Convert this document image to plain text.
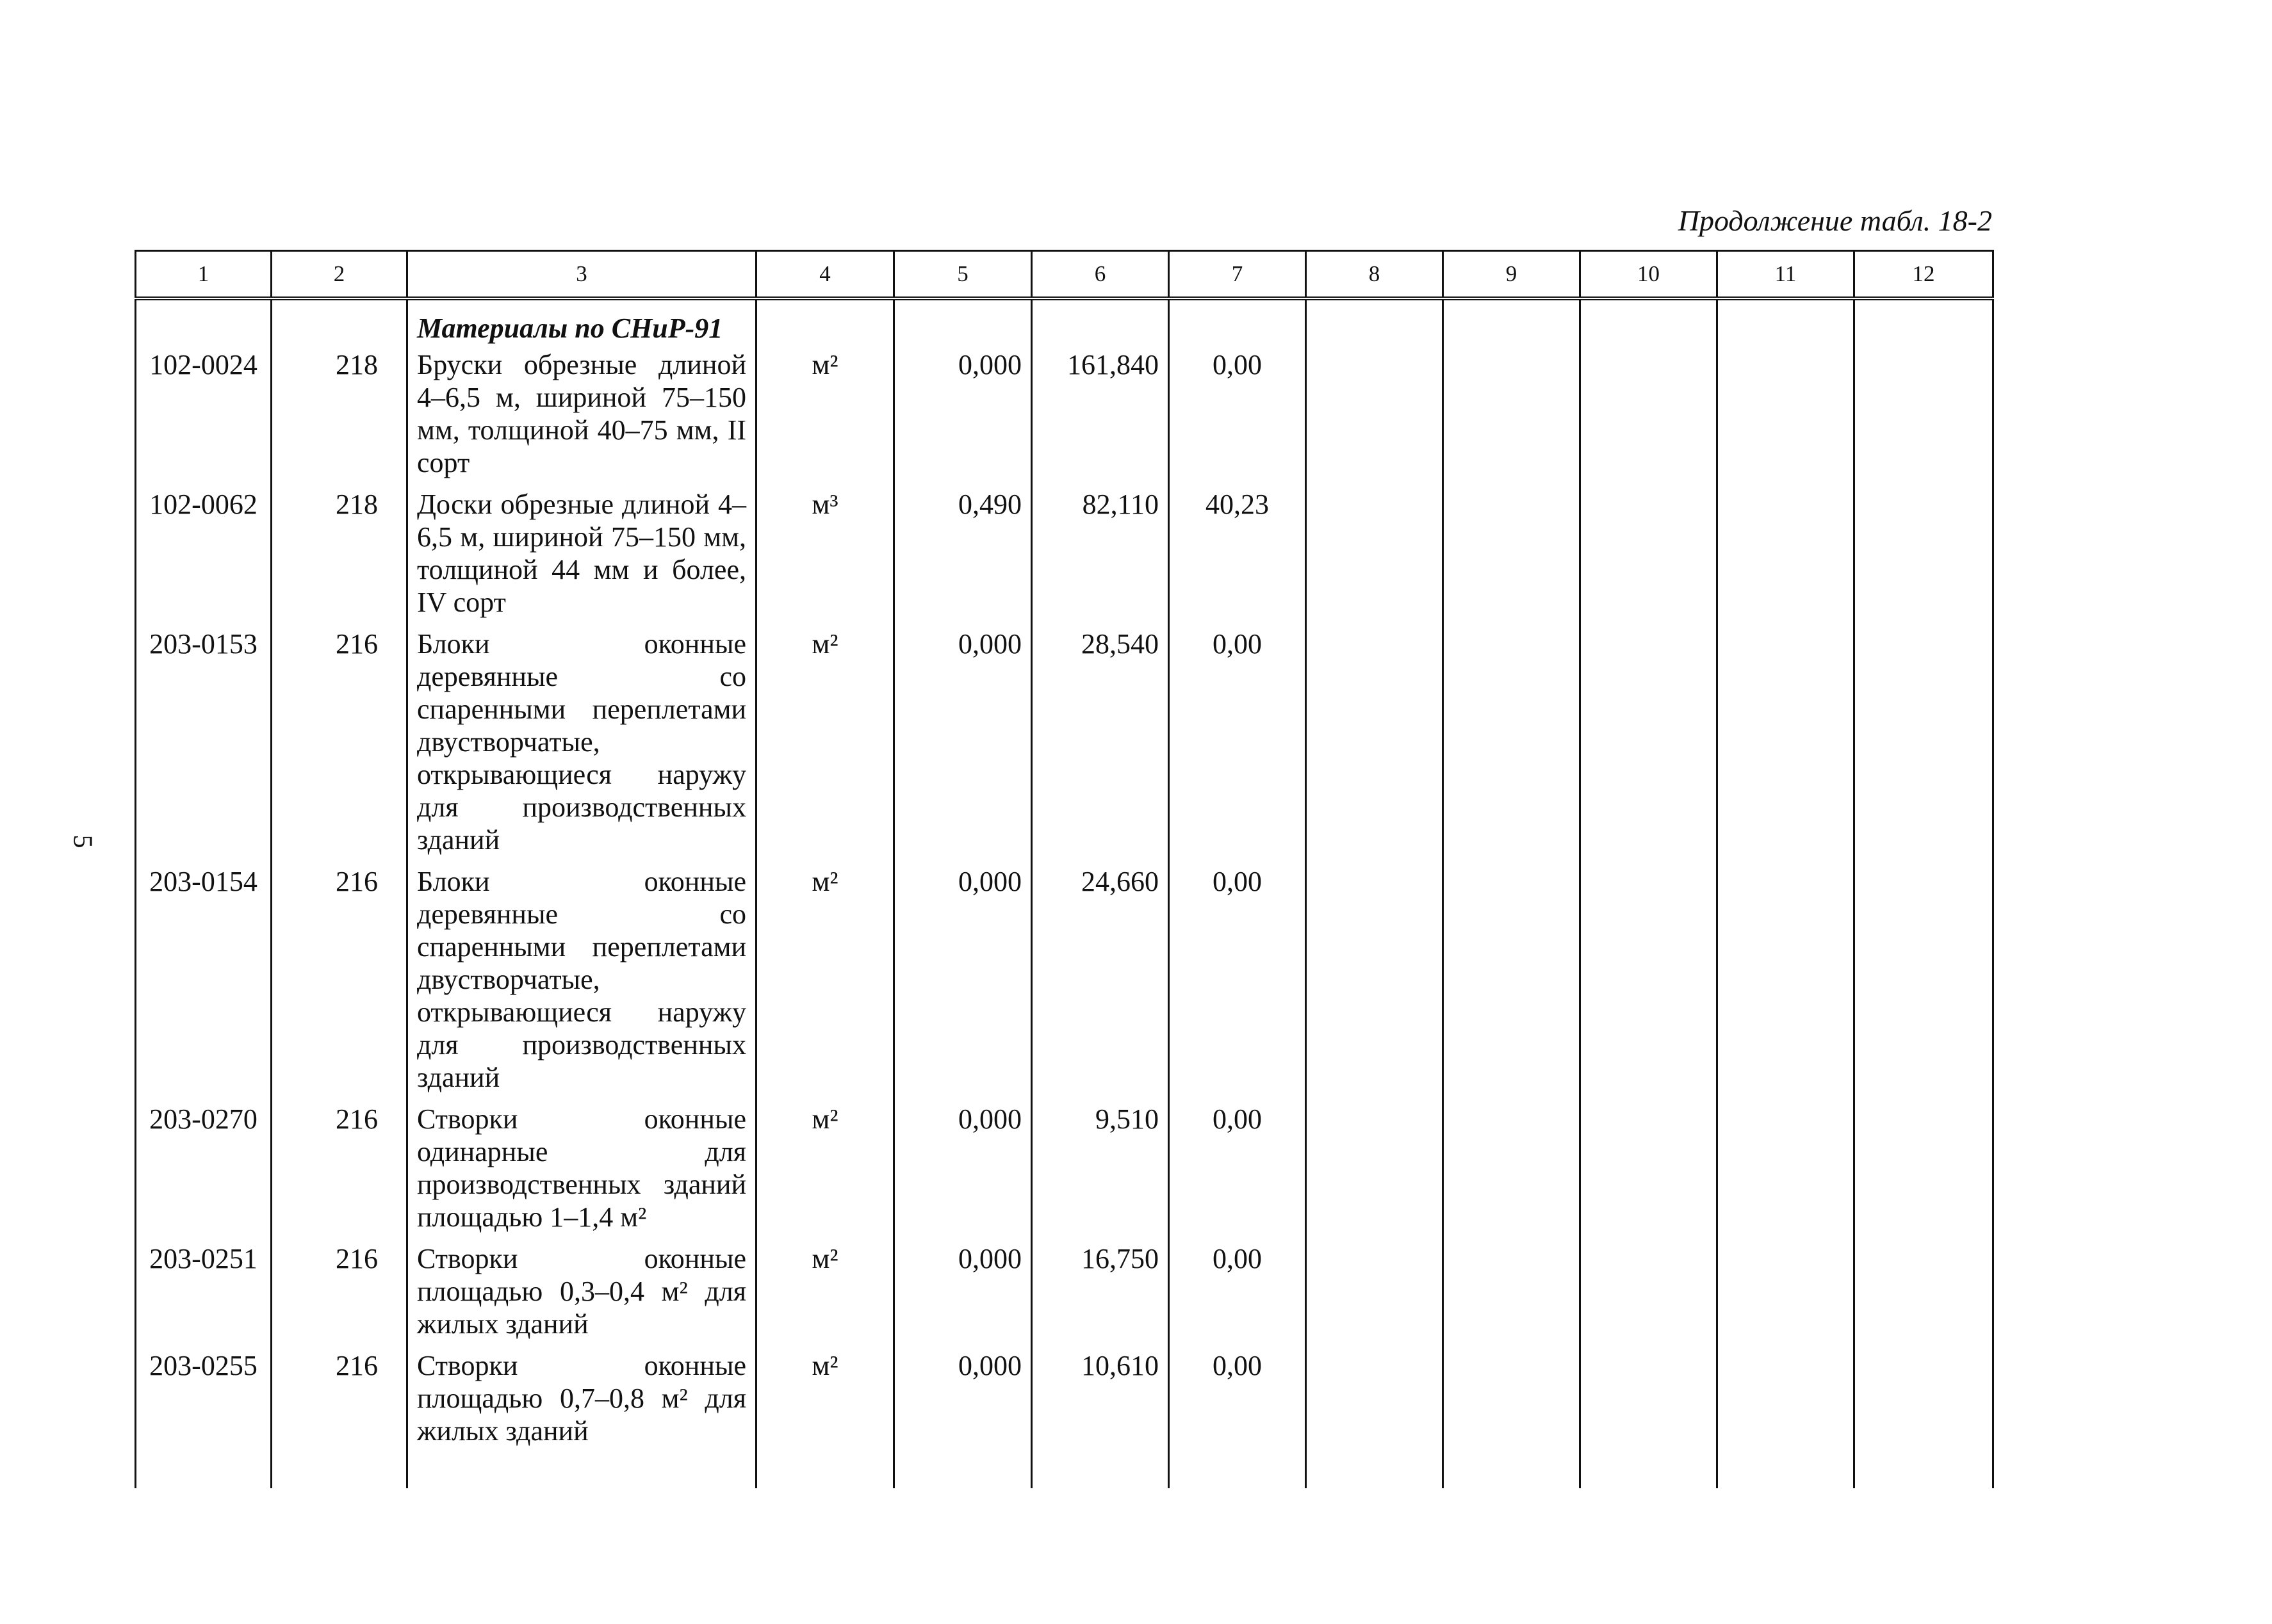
Продолжение табл. 18-2
5
1	2	3	4	5	6	7	8	9	10	11	12
		Материалы по СНиР-91									
102-0024	218	Бруски обрезные длиной 4–6,5 м, шириной 75–150 мм, толщиной 40–75 мм, II сорт	м²	0,000	161,840	0,00					
102-0062	218	Доски обрезные длиной 4–6,5 м, шириной 75–150 мм, толщиной 44 мм и более, IV сорт	м³	0,490	82,110	40,23					
203-0153	216	Блоки оконные деревянные со спаренными переплетами двустворчатые, открывающиеся наружу для производственных зданий	м²	0,000	28,540	0,00					
203-0154	216	Блоки оконные деревянные со спаренными переплетами двустворчатые, открывающиеся наружу для производственных зданий	м²	0,000	24,660	0,00					
203-0270	216	Створки оконные одинарные для производственных зданий площадью 1–1,4 м²	м²	0,000	9,510	0,00					
203-0251	216	Створки оконные площадью 0,3–0,4 м² для жилых зданий	м²	0,000	16,750	0,00					
203-0255	216	Створки оконные площадью 0,7–0,8 м² для жилых зданий	м²	0,000	10,610	0,00					
